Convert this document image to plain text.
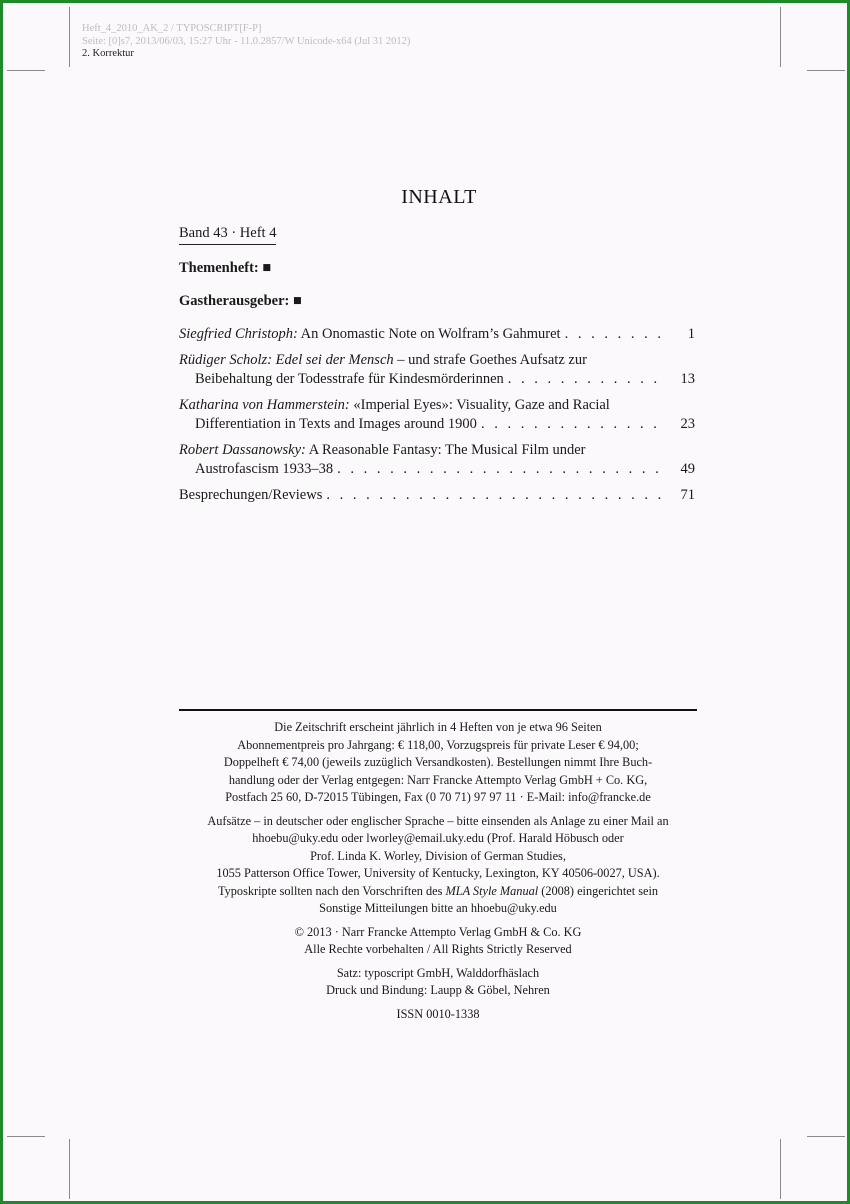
Heft_4_2010_AK_2 / TYPOSCRIPT[F-P]
Seite: [0]s7, 2013/06/03, 15:27 Uhr - 11.0.2857/W Unicode-x64 (Jul 31 2012)
2. Korrektur
INHALT
Band 43 · Heft 4
Themenheft: ■
Gastherausgeber: ■
Siegfried Christoph: An Onomastic Note on Wolfram’s Gahmuret . . .	1
Rüdiger Scholz: Edel sei der Mensch – und strafe Goethes Aufsatz zur
Beibehaltung der Todesstrafe für Kindesmörderinnen . . .	13
Katharina von Hammerstein: «Imperial Eyes»: Visuality, Gaze and Racial
Differentiation in Texts and Images around 1900 . . .	23
Robert Dassanowsky: A Reasonable Fantasy: The Musical Film under
Austrofascism 1933–38 . . .	49
Besprechungen/Reviews . . .	71

Die Zeitschrift erscheint jährlich in 4 Heften von je etwa 96 Seiten

Abonnementpreis pro Jahrgang: € 118,00, Vorzugspreis für private Leser € 94,00;

Doppelheft € 74,00 (jeweils zuzüglich Versandkosten). Bestellungen nimmt Ihre Buch-

handlung oder der Verlag entgegen: Narr Francke Attempto Verlag GmbH + Co. KG,

Postfach 25 60, D-72015 Tübingen, Fax (0 70 71) 97 97 11 · E-Mail: info@francke.de

Aufsätze – in deutscher oder englischer Sprache – bitte einsenden als Anlage zu einer Mail an

hhoebu@uky.edu oder lworley@email.uky.edu (Prof. Harald Höbusch oder

Prof. Linda K. Worley, Division of German Studies,

1055 Patterson Office Tower, University of Kentucky, Lexington, KY 40506-0027, USA).

Typoskripte sollten nach den Vorschriften des MLA Style Manual (2008) eingerichtet sein

Sonstige Mitteilungen bitte an hhoebu@uky.edu

© 2013 · Narr Francke Attempto Verlag GmbH & Co. KG

Alle Rechte vorbehalten / All Rights Strictly Reserved

Satz: typoscript GmbH, Walddorfhäslach

Druck und Bindung: Laupp & Göbel, Nehren

ISSN 0010-1338
